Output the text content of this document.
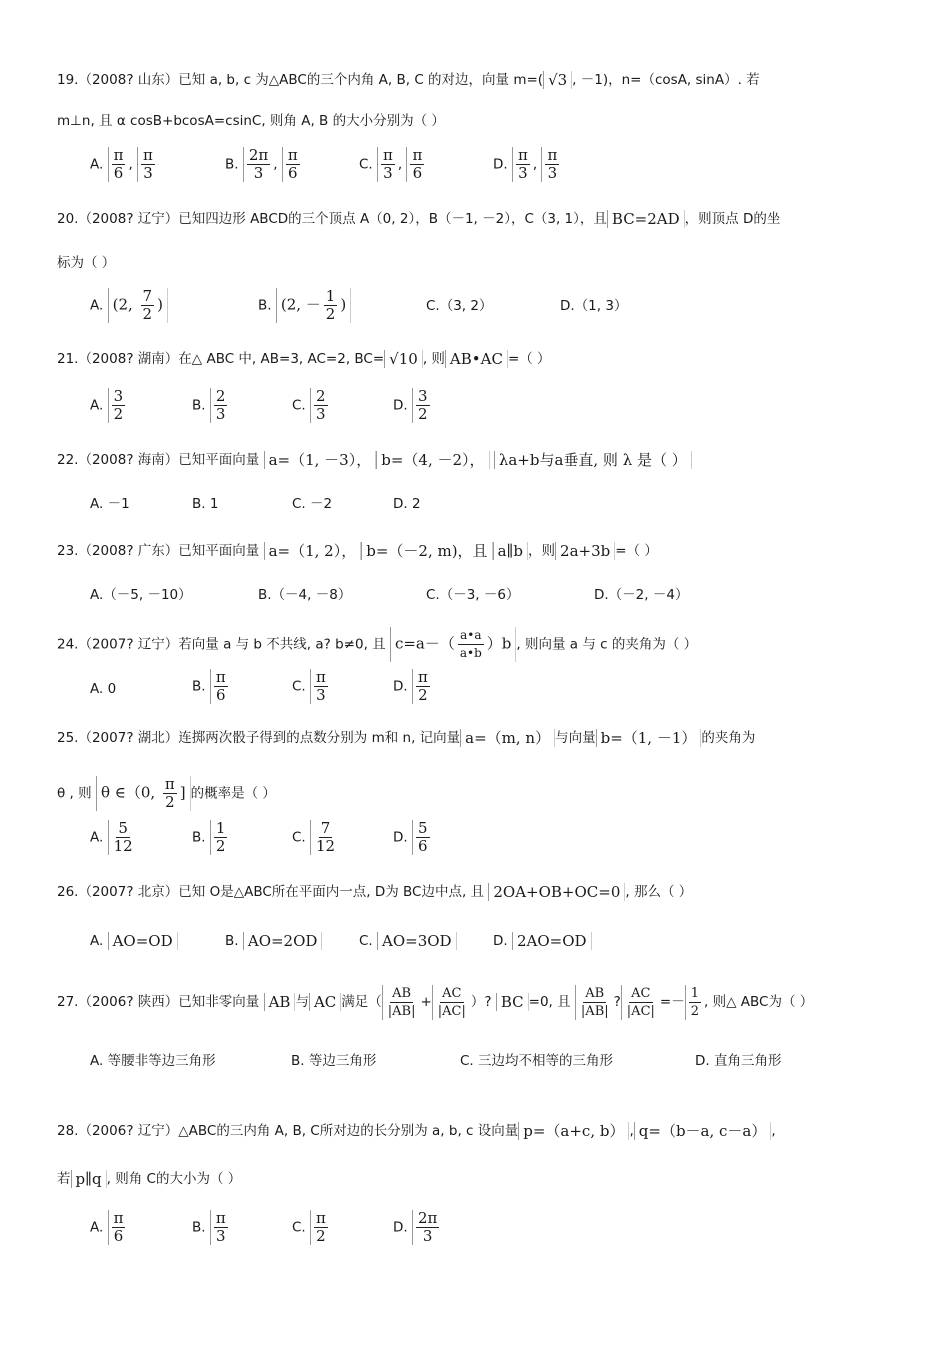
19.（2008? 山东）已知 a, b, c 为△ABC的三个内角 A, B, C 的对边，向量 m=( √3 , －1)，n=（cosA, sinA）. 若
m⊥n, 且 α cosB+bcosA=csinC, 则角 A, B 的大小分别为（ ）
A. $\frac{\pi}{6}$ , $\frac{\pi}{3}$	B. $\frac{2\pi}{3}$ , $\frac{\pi}{6}$	C. $\frac{\pi}{3}$ , $\frac{\pi}{6}$	D. $\frac{\pi}{3}$ , $\frac{\pi}{3}$
20.（2008? 辽宁）已知四边形 ABCD的三个顶点 A（0, 2），B（－1, －2），C（3, 1），且 BC=2AD ，则顶点 D的坐
标为（ ）
A. (2, $\frac{7}{2}$ )	B. (2, － $\frac{1}{2}$ )	C.（3, 2）	D.（1, 3）
21.（2008? 湖南）在△ ABC 中, AB=3, AC=2, BC= √10 , 则 AB•AC =（ ）
A. $\frac{3}{2}$	B. $\frac{2}{3}$	C. $\frac{2}{3}$	D. $\frac{3}{2}$
22.（2008? 海南）已知平面向量 a=（1, －3）， b=（4, －2）， λa+b与a垂直, 则 λ 是（ ）
A. －1	B. 1	C. －2	D. 2
23.（2008? 广东）已知平面向量 a=（1, 2）， b=（－2, m)，且 a∥b ，则 2a+3b =（ ）
A.（－5, －10）	B.（－4, －8）	C.（－3, －6）	D.（－2, －4）
24.（2007? 辽宁）若向量 a 与 b 不共线, a? b≠0, 且 $c=a-( \frac{a•a}{a•b} )b$ , 则向量 a 与 c 的夹角为（ ）
A. 0	B. $\frac{\pi}{6}$	C. $\frac{\pi}{3}$	D. $\frac{\pi}{2}$
25.（2007? 湖北）连掷两次骰子得到的点数分别为 m和 n, 记向量 a=（m, n） 与向量 b=（1, －1） 的夹角为
θ , 则 θ ∈（0, $\frac{\pi}{2}$ ] 的概率是（ ）
A. $\frac{5}{12}$	B. $\frac{1}{2}$	C. $\frac{7}{12}$	D. $\frac{5}{6}$
26.（2007? 北京）已知 O是△ABC所在平面内一点, D为 BC边中点, 且 2OA+OB+OC=0 , 那么（ ）
A. AO=OD	B. AO=2OD	C. AO=3OD	D. 2AO=OD
27.（2006? 陕西）已知非零向量 AB 与 AC 满足（ $\frac{AB}{|AB|} + \frac{AC}{|AC|}$ ）? BC =0, 且 $\frac{AB}{|AB|}$ ? $\frac{AC}{|AC|} =- \frac{1}{2}$ , 则△ ABC为（ ）
A. 等腰非等边三角形	B. 等边三角形	C. 三边均不相等的三角形	D. 直角三角形
28.（2006? 辽宁）△ABC的三内角 A, B, C所对边的长分别为 a, b, c 设向量 p=（a+c, b） , q=（b－a, c－a） ,
若 p∥q , 则角 C的大小为（ ）
A. $\frac{\pi}{6}$	B. $\frac{\pi}{3}$	C. $\frac{\pi}{2}$	D. $\frac{2\pi}{3}$
